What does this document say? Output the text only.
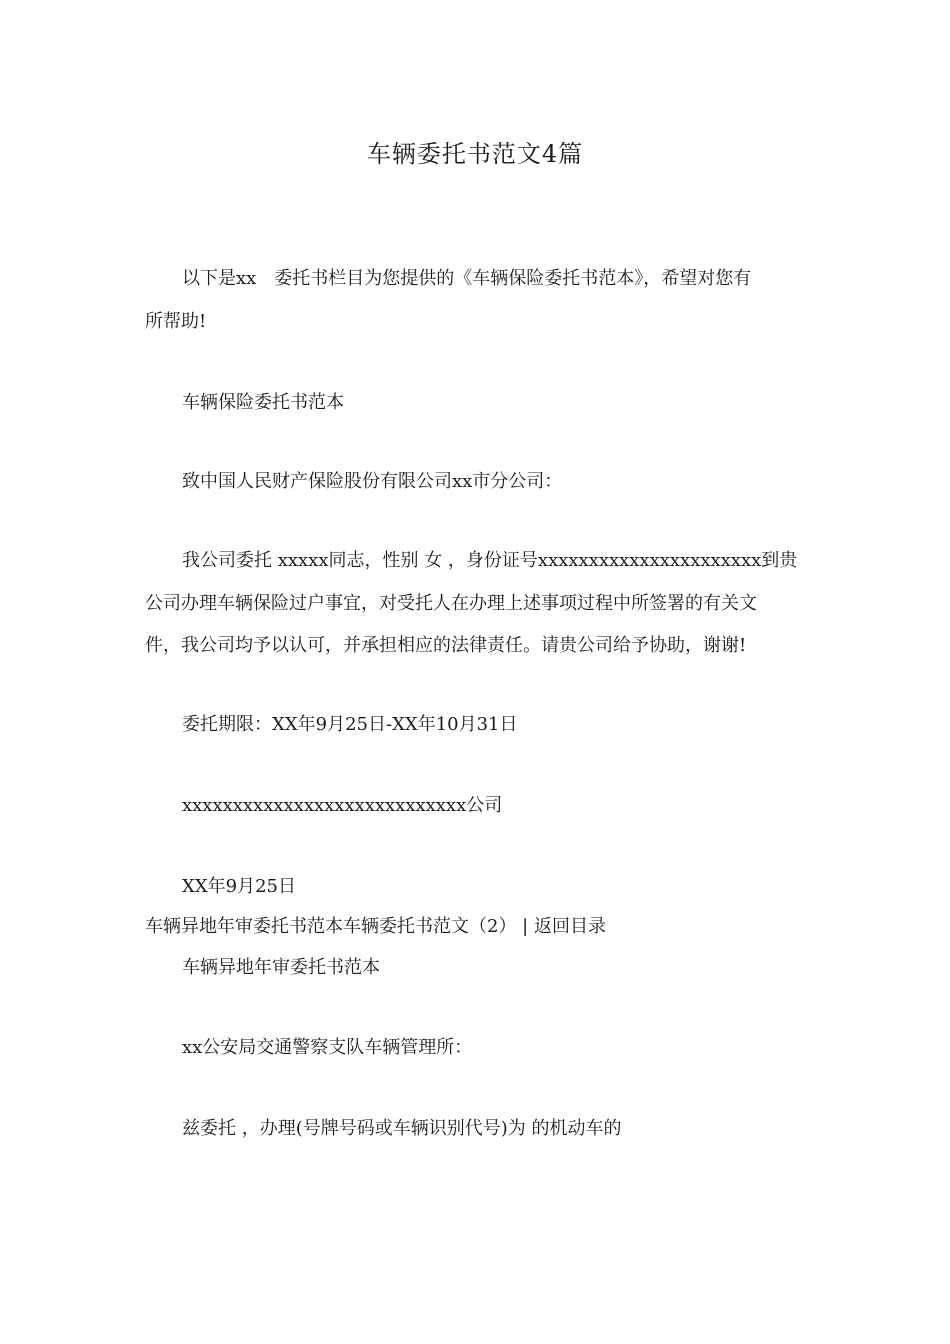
车辆委托书范文4篇
以下是xx　委托书栏目为您提供的《车辆保险委托书范本》，希望对您有
所帮助!
车辆保险委托书范本
致中国人民财产保险股份有限公司xx市分公司：
我公司委托 xxxxx同志，性别 女 ，身份证号xxxxxxxxxxxxxxxxxxxxxx到贵
公司办理车辆保险过户事宜，对受托人在办理上述事项过程中所签署的有关文
件，我公司均予以认可，并承担相应的法律责任。请贵公司给予协助，谢谢!
委托期限：XX年9月25日-XX年10月31日
xxxxxxxxxxxxxxxxxxxxxxxxxxxx公司
XX年9月25日
车辆异地年审委托书范本车辆委托书范文（2） | 返回目录
车辆异地年审委托书范本
xx公安局交通警察支队车辆管理所：
兹委托 ，办理(号牌号码或车辆识别代号)为 的机动车的
